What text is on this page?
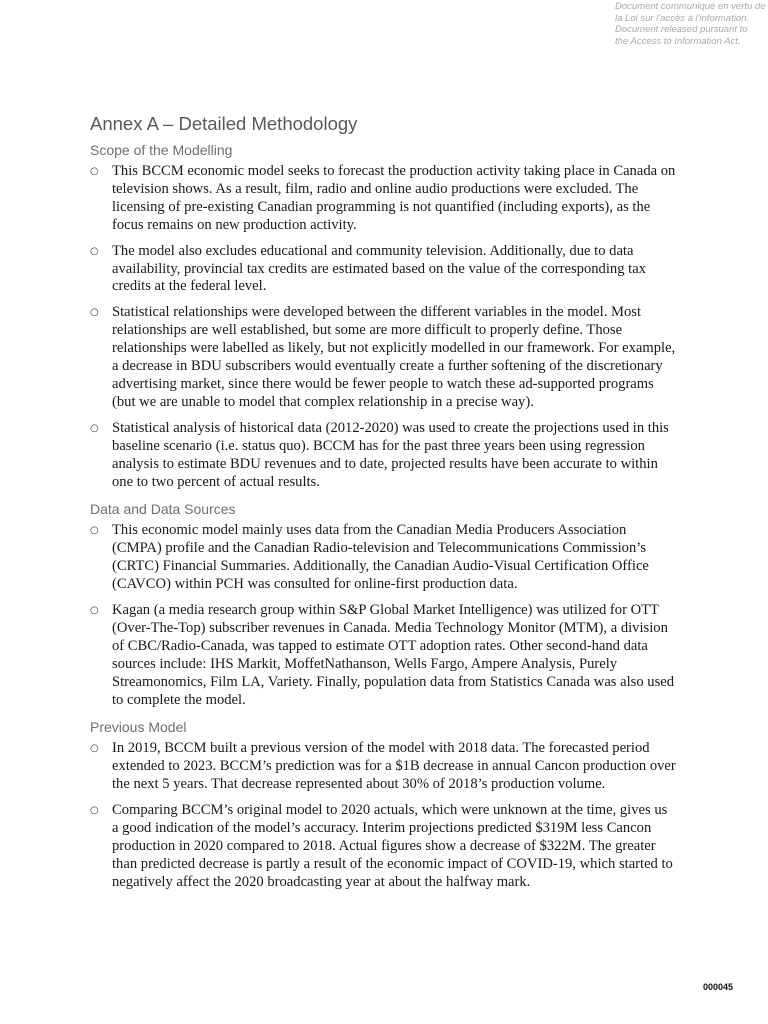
Document communiqué en vertu de
la Loi sur l'accès à l'information.
Document released pursuant to
the Access to Information Act.
Annex A – Detailed Methodology
Scope of the Modelling
○ This BCCM economic model seeks to forecast the production activity taking place in Canada on television shows. As a result, film, radio and online audio productions were excluded. The licensing of pre-existing Canadian programming is not quantified (including exports), as the focus remains on new production activity.
○ The model also excludes educational and community television. Additionally, due to data availability, provincial tax credits are estimated based on the value of the corresponding tax credits at the federal level.
○ Statistical relationships were developed between the different variables in the model. Most relationships are well established, but some are more difficult to properly define. Those relationships were labelled as likely, but not explicitly modelled in our framework. For example, a decrease in BDU subscribers would eventually create a further softening of the discretionary advertising market, since there would be fewer people to watch these ad-supported programs (but we are unable to model that complex relationship in a precise way).
○ Statistical analysis of historical data (2012-2020) was used to create the projections used in this baseline scenario (i.e. status quo). BCCM has for the past three years been using regression analysis to estimate BDU revenues and to date, projected results have been accurate to within one to two percent of actual results.
Data and Data Sources
○ This economic model mainly uses data from the Canadian Media Producers Association (CMPA) profile and the Canadian Radio-television and Telecommunications Commission’s (CRTC) Financial Summaries. Additionally, the Canadian Audio-Visual Certification Office (CAVCO) within PCH was consulted for online-first production data.
○ Kagan (a media research group within S&P Global Market Intelligence) was utilized for OTT (Over-The-Top) subscriber revenues in Canada. Media Technology Monitor (MTM), a division of CBC/Radio-Canada, was tapped to estimate OTT adoption rates. Other second-hand data sources include: IHS Markit, MoffetNathanson, Wells Fargo, Ampere Analysis, Purely Streamonomics, Film LA, Variety. Finally, population data from Statistics Canada was also used to complete the model.
Previous Model
○ In 2019, BCCM built a previous version of the model with 2018 data. The forecasted period extended to 2023. BCCM’s prediction was for a $1B decrease in annual Cancon production over the next 5 years. That decrease represented about 30% of 2018’s production volume.
○ Comparing BCCM’s original model to 2020 actuals, which were unknown at the time, gives us a good indication of the model’s accuracy. Interim projections predicted $319M less Cancon production in 2020 compared to 2018. Actual figures show a decrease of $322M. The greater than predicted decrease is partly a result of the economic impact of COVID-19, which started to negatively affect the 2020 broadcasting year at about the halfway mark.
000045
